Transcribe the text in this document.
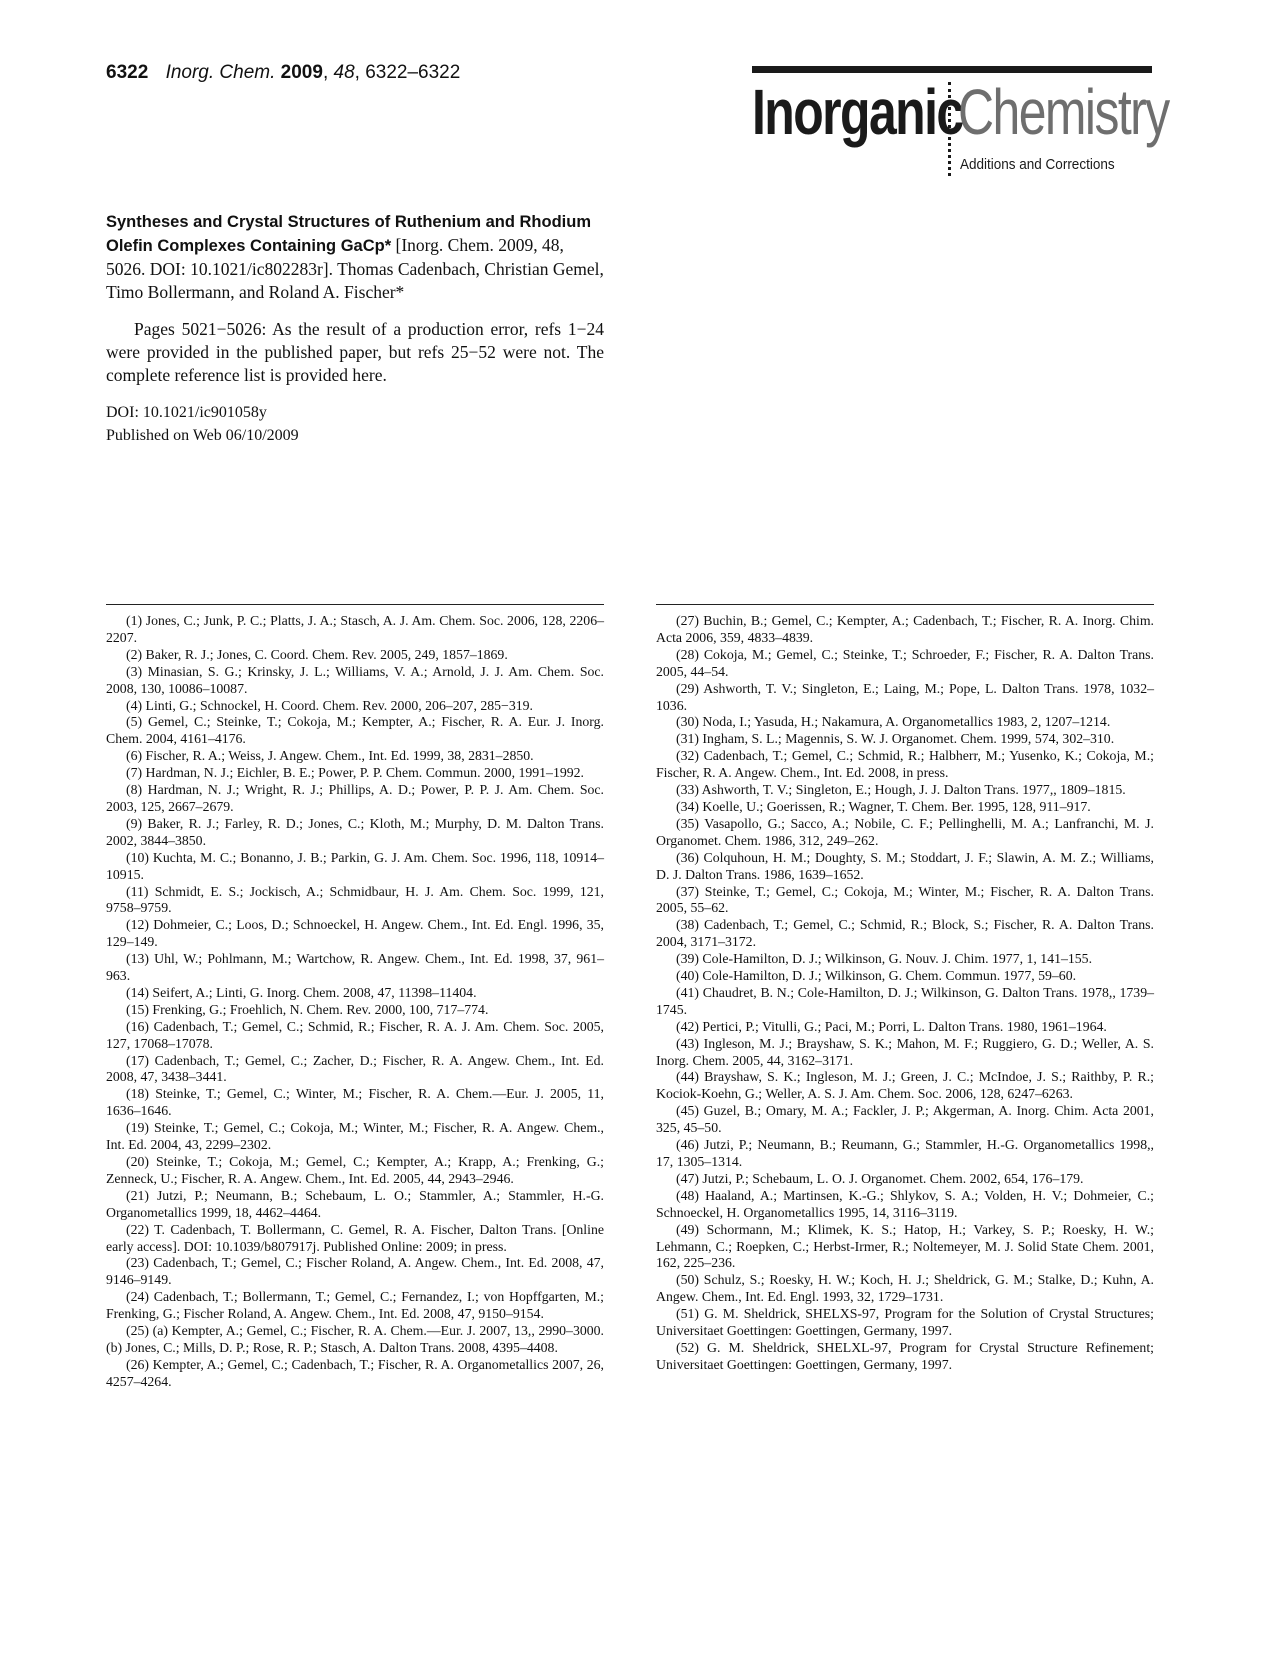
6322 Inorg. Chem. 2009, 48, 6322–6322
Inorganic
Chemistry
Additions and Corrections
Syntheses and Crystal Structures of Ruthenium and Rhodium Olefin Complexes Containing GaCp* [Inorg. Chem. 2009, 48, 5026. DOI: 10.1021/ic802283r]. Thomas Cadenbach, Christian Gemel, Timo Bollermann, and Roland A. Fischer*
Pages 5021−5026: As the result of a production error, refs 1−24 were provided in the published paper, but refs 25−52 were not. The complete reference list is provided here.
DOI: 10.1021/ic901058y
Published on Web 06/10/2009

(1) Jones, C.; Junk, P. C.; Platts, J. A.; Stasch, A. J. Am. Chem. Soc. 2006, 128, 2206–2207.

(2) Baker, R. J.; Jones, C. Coord. Chem. Rev. 2005, 249, 1857–1869.

(3) Minasian, S. G.; Krinsky, J. L.; Williams, V. A.; Arnold, J. J. Am. Chem. Soc. 2008, 130, 10086–10087.

(4) Linti, G.; Schnockel, H. Coord. Chem. Rev. 2000, 206–207, 285−319.

(5) Gemel, C.; Steinke, T.; Cokoja, M.; Kempter, A.; Fischer, R. A. Eur. J. Inorg. Chem. 2004, 4161–4176.

(6) Fischer, R. A.; Weiss, J. Angew. Chem., Int. Ed. 1999, 38, 2831–2850.

(7) Hardman, N. J.; Eichler, B. E.; Power, P. P. Chem. Commun. 2000, 1991–1992.

(8) Hardman, N. J.; Wright, R. J.; Phillips, A. D.; Power, P. P. J. Am. Chem. Soc. 2003, 125, 2667–2679.

(9) Baker, R. J.; Farley, R. D.; Jones, C.; Kloth, M.; Murphy, D. M. Dalton Trans. 2002, 3844–3850.

(10) Kuchta, M. C.; Bonanno, J. B.; Parkin, G. J. Am. Chem. Soc. 1996, 118, 10914–10915.

(11) Schmidt, E. S.; Jockisch, A.; Schmidbaur, H. J. Am. Chem. Soc. 1999, 121, 9758–9759.

(12) Dohmeier, C.; Loos, D.; Schnoeckel, H. Angew. Chem., Int. Ed. Engl. 1996, 35, 129–149.

(13) Uhl, W.; Pohlmann, M.; Wartchow, R. Angew. Chem., Int. Ed. 1998, 37, 961–963.

(14) Seifert, A.; Linti, G. Inorg. Chem. 2008, 47, 11398–11404.

(15) Frenking, G.; Froehlich, N. Chem. Rev. 2000, 100, 717–774.

(16) Cadenbach, T.; Gemel, C.; Schmid, R.; Fischer, R. A. J. Am. Chem. Soc. 2005, 127, 17068–17078.

(17) Cadenbach, T.; Gemel, C.; Zacher, D.; Fischer, R. A. Angew. Chem., Int. Ed. 2008, 47, 3438–3441.

(18) Steinke, T.; Gemel, C.; Winter, M.; Fischer, R. A. Chem.—Eur. J. 2005, 11, 1636–1646.

(19) Steinke, T.; Gemel, C.; Cokoja, M.; Winter, M.; Fischer, R. A. Angew. Chem., Int. Ed. 2004, 43, 2299–2302.

(20) Steinke, T.; Cokoja, M.; Gemel, C.; Kempter, A.; Krapp, A.; Frenking, G.; Zenneck, U.; Fischer, R. A. Angew. Chem., Int. Ed. 2005, 44, 2943–2946.

(21) Jutzi, P.; Neumann, B.; Schebaum, L. O.; Stammler, A.; Stammler, H.-G. Organometallics 1999, 18, 4462–4464.

(22) T. Cadenbach, T. Bollermann, C. Gemel, R. A. Fischer, Dalton Trans. [Online early access]. DOI: 10.1039/b807917j. Published Online: 2009; in press.

(23) Cadenbach, T.; Gemel, C.; Fischer Roland, A. Angew. Chem., Int. Ed. 2008, 47, 9146–9149.

(24) Cadenbach, T.; Bollermann, T.; Gemel, C.; Fernandez, I.; von Hopffgarten, M.; Frenking, G.; Fischer Roland, A. Angew. Chem., Int. Ed. 2008, 47, 9150–9154.

(25) (a) Kempter, A.; Gemel, C.; Fischer, R. A. Chem.—Eur. J. 2007, 13,, 2990–3000. (b) Jones, C.; Mills, D. P.; Rose, R. P.; Stasch, A. Dalton Trans. 2008, 4395–4408.

(26) Kempter, A.; Gemel, C.; Cadenbach, T.; Fischer, R. A. Organometallics 2007, 26, 4257–4264.

(27) Buchin, B.; Gemel, C.; Kempter, A.; Cadenbach, T.; Fischer, R. A. Inorg. Chim. Acta 2006, 359, 4833–4839.

(28) Cokoja, M.; Gemel, C.; Steinke, T.; Schroeder, F.; Fischer, R. A. Dalton Trans. 2005, 44–54.

(29) Ashworth, T. V.; Singleton, E.; Laing, M.; Pope, L. Dalton Trans. 1978, 1032–1036.

(30) Noda, I.; Yasuda, H.; Nakamura, A. Organometallics 1983, 2, 1207–1214.

(31) Ingham, S. L.; Magennis, S. W. J. Organomet. Chem. 1999, 574, 302–310.

(32) Cadenbach, T.; Gemel, C.; Schmid, R.; Halbherr, M.; Yusenko, K.; Cokoja, M.; Fischer, R. A. Angew. Chem., Int. Ed. 2008, in press.

(33) Ashworth, T. V.; Singleton, E.; Hough, J. J. Dalton Trans. 1977,, 1809–1815.

(34) Koelle, U.; Goerissen, R.; Wagner, T. Chem. Ber. 1995, 128, 911–917.

(35) Vasapollo, G.; Sacco, A.; Nobile, C. F.; Pellinghelli, M. A.; Lanfranchi, M. J. Organomet. Chem. 1986, 312, 249–262.

(36) Colquhoun, H. M.; Doughty, S. M.; Stoddart, J. F.; Slawin, A. M. Z.; Williams, D. J. Dalton Trans. 1986, 1639–1652.

(37) Steinke, T.; Gemel, C.; Cokoja, M.; Winter, M.; Fischer, R. A. Dalton Trans. 2005, 55–62.

(38) Cadenbach, T.; Gemel, C.; Schmid, R.; Block, S.; Fischer, R. A. Dalton Trans. 2004, 3171–3172.

(39) Cole-Hamilton, D. J.; Wilkinson, G. Nouv. J. Chim. 1977, 1, 141–155.

(40) Cole-Hamilton, D. J.; Wilkinson, G. Chem. Commun. 1977, 59–60.

(41) Chaudret, B. N.; Cole-Hamilton, D. J.; Wilkinson, G. Dalton Trans. 1978,, 1739–1745.

(42) Pertici, P.; Vitulli, G.; Paci, M.; Porri, L. Dalton Trans. 1980, 1961–1964.

(43) Ingleson, M. J.; Brayshaw, S. K.; Mahon, M. F.; Ruggiero, G. D.; Weller, A. S. Inorg. Chem. 2005, 44, 3162–3171.

(44) Brayshaw, S. K.; Ingleson, M. J.; Green, J. C.; McIndoe, J. S.; Raithby, P. R.; Kociok-Koehn, G.; Weller, A. S. J. Am. Chem. Soc. 2006, 128, 6247–6263.

(45) Guzel, B.; Omary, M. A.; Fackler, J. P.; Akgerman, A. Inorg. Chim. Acta 2001, 325, 45–50.

(46) Jutzi, P.; Neumann, B.; Reumann, G.; Stammler, H.-G. Organometallics 1998,, 17, 1305–1314.

(47) Jutzi, P.; Schebaum, L. O. J. Organomet. Chem. 2002, 654, 176–179.

(48) Haaland, A.; Martinsen, K.-G.; Shlykov, S. A.; Volden, H. V.; Dohmeier, C.; Schnoeckel, H. Organometallics 1995, 14, 3116–3119.

(49) Schormann, M.; Klimek, K. S.; Hatop, H.; Varkey, S. P.; Roesky, H. W.; Lehmann, C.; Roepken, C.; Herbst-Irmer, R.; Noltemeyer, M. J. Solid State Chem. 2001, 162, 225–236.

(50) Schulz, S.; Roesky, H. W.; Koch, H. J.; Sheldrick, G. M.; Stalke, D.; Kuhn, A. Angew. Chem., Int. Ed. Engl. 1993, 32, 1729–1731.

(51) G. M. Sheldrick, SHELXS-97, Program for the Solution of Crystal Structures; Universitaet Goettingen: Goettingen, Germany, 1997.

(52) G. M. Sheldrick, SHELXL-97, Program for Crystal Structure Refinement; Universitaet Goettingen: Goettingen, Germany, 1997.
